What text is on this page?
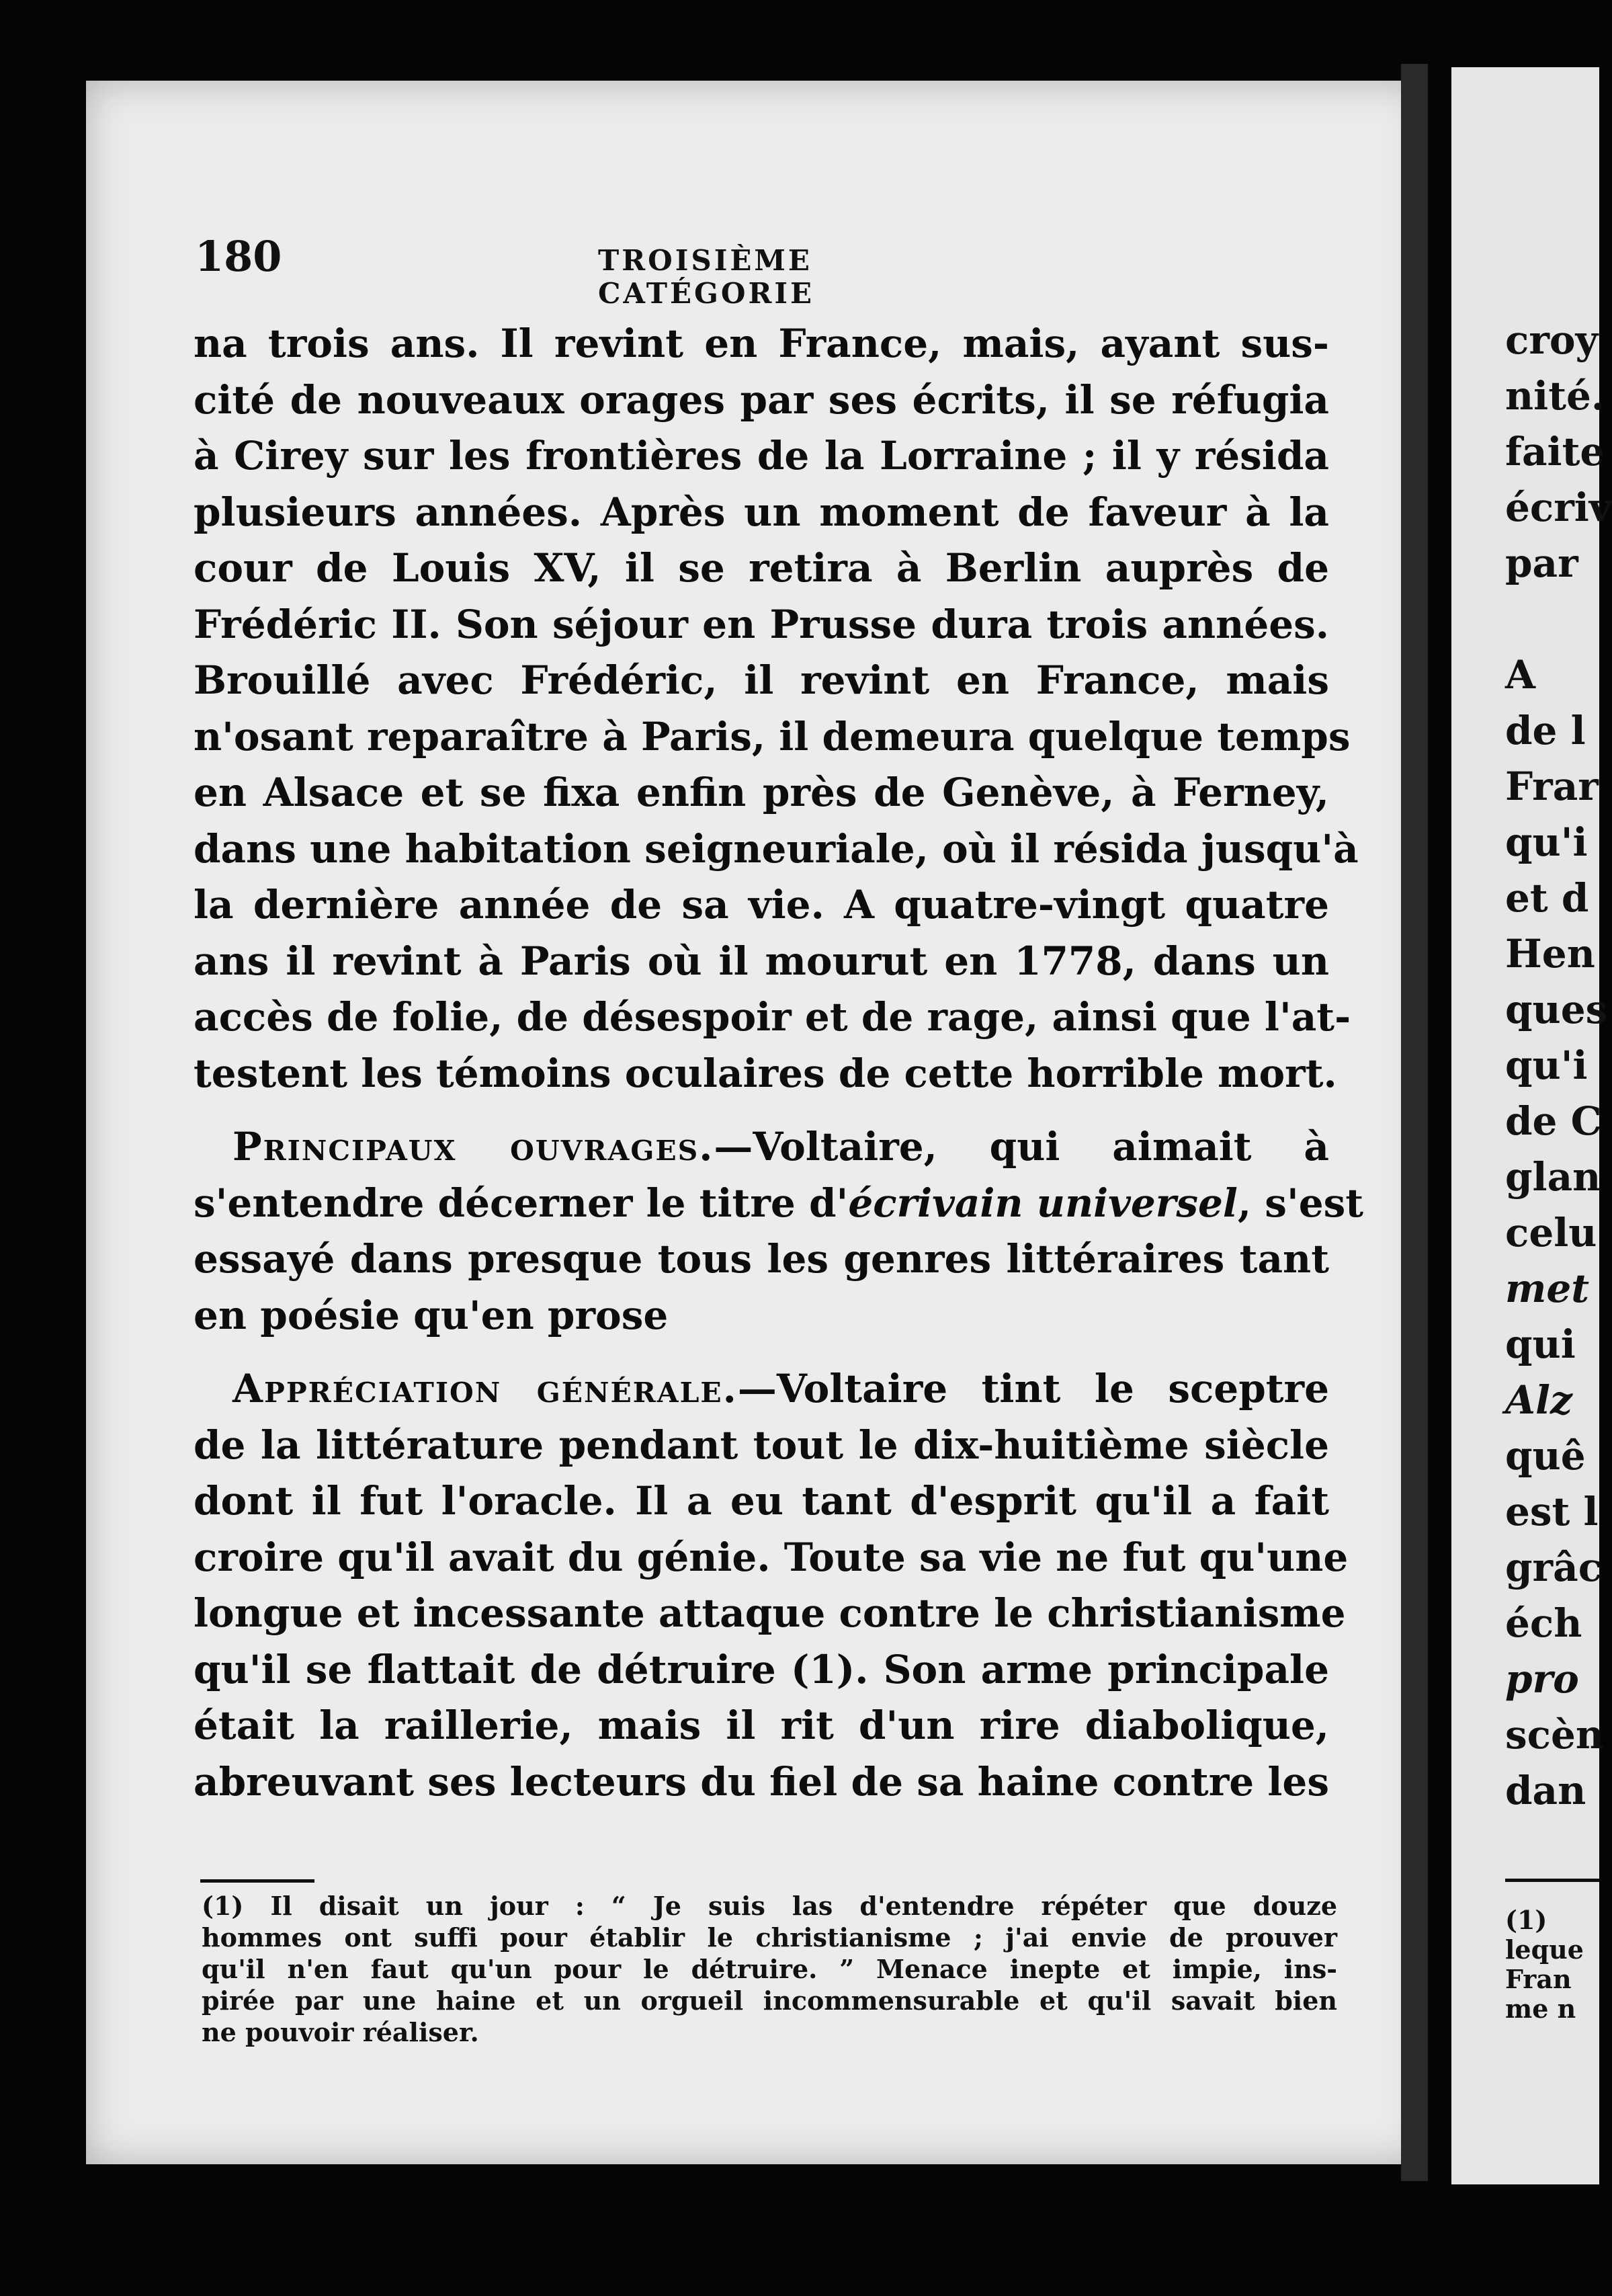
180	TROISIÈME CATÉGORIE

na trois ans. Il revint en France, mais, ayant sus-
cité de nouveaux orages par ses écrits, il se réfugia
à Cirey sur les frontières de la Lorraine ; il y résida
plusieurs années. Après un moment de faveur à la
cour de Louis XV, il se retira à Berlin auprès de
Frédéric II. Son séjour en Prusse dura trois années.
Brouillé avec Frédéric, il revint en France, mais
n'osant reparaître à Paris, il demeura quelque temps
en Alsace et se fixa enfin près de Genève, à Ferney,
dans une habitation seigneuriale, où il résida jusqu'à
la dernière année de sa vie. A quatre-vingt quatre
ans il revint à Paris où il mourut en 1778, dans un
accès de folie, de désespoir et de rage, ainsi que l'at-
testent les témoins oculaires de cette horrible mort.

 Principaux ouvrages.—Voltaire, qui aimait à
s'entendre décerner le titre d'écrivain universel, s'est
essayé dans presque tous les genres littéraires tant
en poésie qu'en prose

 Appréciation générale.—Voltaire tint le sceptre
de la littérature pendant tout le dix-huitième siècle
dont il fut l'oracle. Il a eu tant d'esprit qu'il a fait
croire qu'il avait du génie. Toute sa vie ne fut qu'une
longue et incessante attaque contre le christianisme
qu'il se flattait de détruire (1). Son arme principale
était la raillerie, mais il rit d'un rire diabolique,
abreuvant ses lecteurs du fiel de sa haine contre les

(1) Il disait un jour : “ Je suis las d'entendre répéter que douze
hommes ont suffi pour établir le christianisme ; j'ai envie de prouver
qu'il n'en faut qu'un pour le détruire. ” Menace inepte et impie, ins-
pirée par une haine et un orgueil incommensurable et qu'il savait bien
ne pouvoir réaliser.
croy
nité.
faite
écriv
par

A
de l
Frar
qu'i
et d
Hen
ques
qu'i
de C
glan
celu
met
qui
Alz
quê
est l
grâc
éch
pro
scèn
dan
(1)
leque
Fran
me n
